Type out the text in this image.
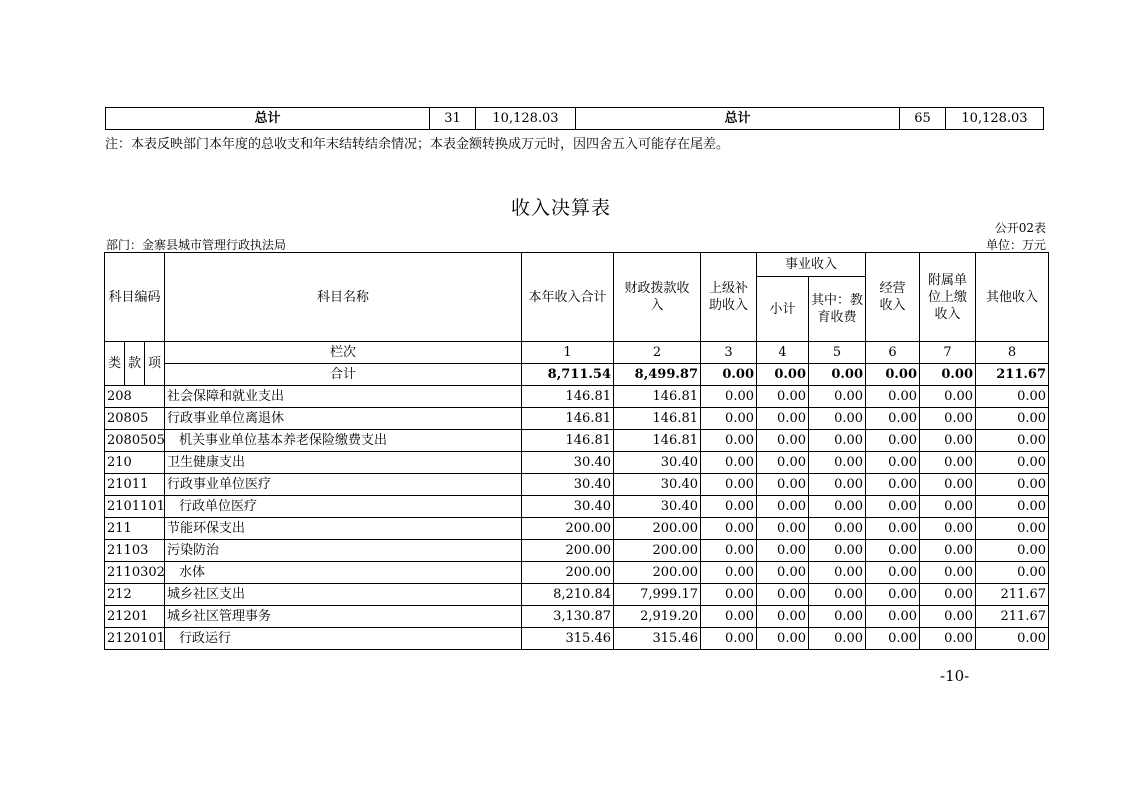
总计	31	10,128.03	总计	65	10,128.03
注：本表反映部门本年度的总收支和年末结转结余情况；本表金额转换成万元时，因四舍五入可能存在尾差。
收入决算表
公开02表
部门：金寨县城市管理行政执法局	单位：万元
科目编码			科目名称	本年收入合计	财政拨款收入	上级补助收入	事业收入		经营收入	附属单位上缴收入	其他收入
							小计	其中：教育收费			

类	款	项	栏次	1	2	3	4	5	6	7	8
			合计	8,711.54	8,499.87	0.00	0.00	0.00	0.00	0.00	211.67
208			社会保障和就业支出	146.81	146.81	0.00	0.00	0.00	0.00	0.00	0.00
20805			行政事业单位离退休	146.81	146.81	0.00	0.00	0.00	0.00	0.00	0.00
2080505			机关事业单位基本养老保险缴费支出	146.81	146.81	0.00	0.00	0.00	0.00	0.00	0.00
210			卫生健康支出	30.40	30.40	0.00	0.00	0.00	0.00	0.00	0.00
21011			行政事业单位医疗	30.40	30.40	0.00	0.00	0.00	0.00	0.00	0.00
2101101			行政单位医疗	30.40	30.40	0.00	0.00	0.00	0.00	0.00	0.00
211			节能环保支出	200.00	200.00	0.00	0.00	0.00	0.00	0.00	0.00
21103			污染防治	200.00	200.00	0.00	0.00	0.00	0.00	0.00	0.00
2110302			水体	200.00	200.00	0.00	0.00	0.00	0.00	0.00	0.00
212			城乡社区支出	8,210.84	7,999.17	0.00	0.00	0.00	0.00	0.00	211.67
21201			城乡社区管理事务	3,130.87	2,919.20	0.00	0.00	0.00	0.00	0.00	211.67
2120101			行政运行	315.46	315.46	0.00	0.00	0.00	0.00	0.00	0.00
-10-
